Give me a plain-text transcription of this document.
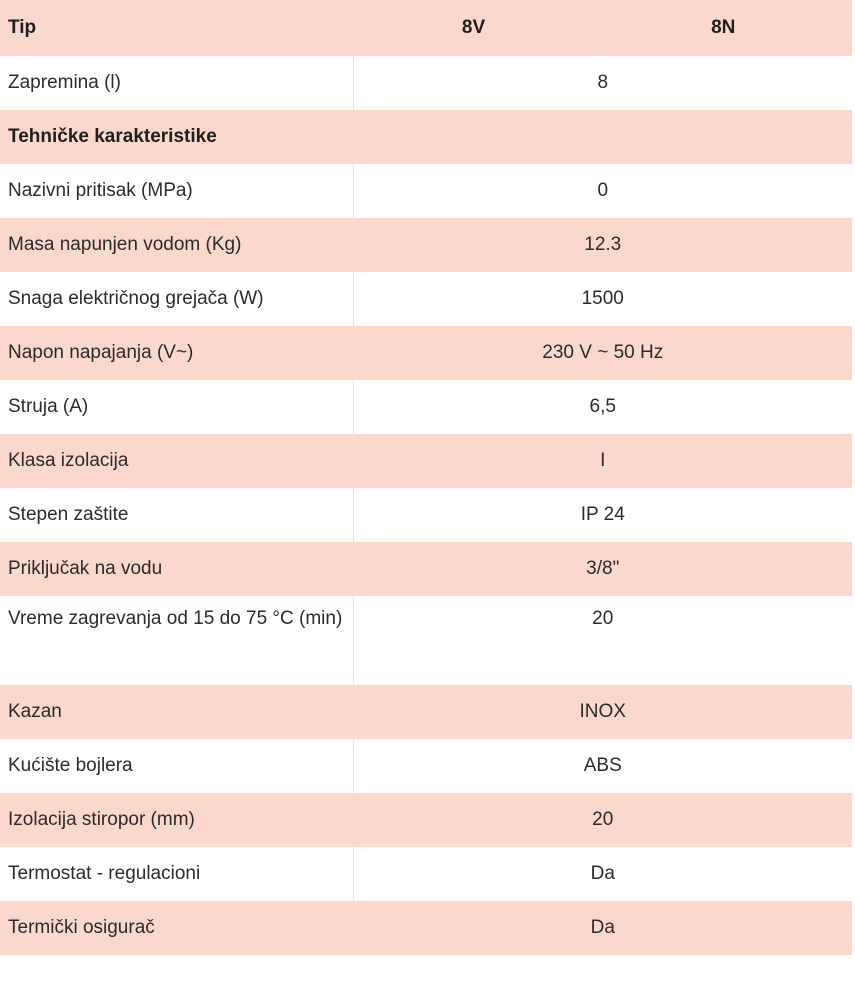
Tip	8V	8N
Zapremina (l)	8	
Tehničke karakteristike		
Nazivni pritisak (MPa)	0	
Masa napunjen vodom (Kg)	12.3	
Snaga električnog grejača (W)	1500	
Napon napajanja (V~)	230 V ~ 50 Hz	
Struja (A)	6,5	
Klasa izolacija	I	
Stepen zaštite	IP 24	
Priključak na vodu	3/8"	
Vreme zagrevanja od 15 do 75 °C (min)	20	
Kazan	INOX	
Kućište bojlera	ABS	
Izolacija stiropor (mm)	20	
Termostat - regulacioni	Da	
Termički osigurač	Da	
